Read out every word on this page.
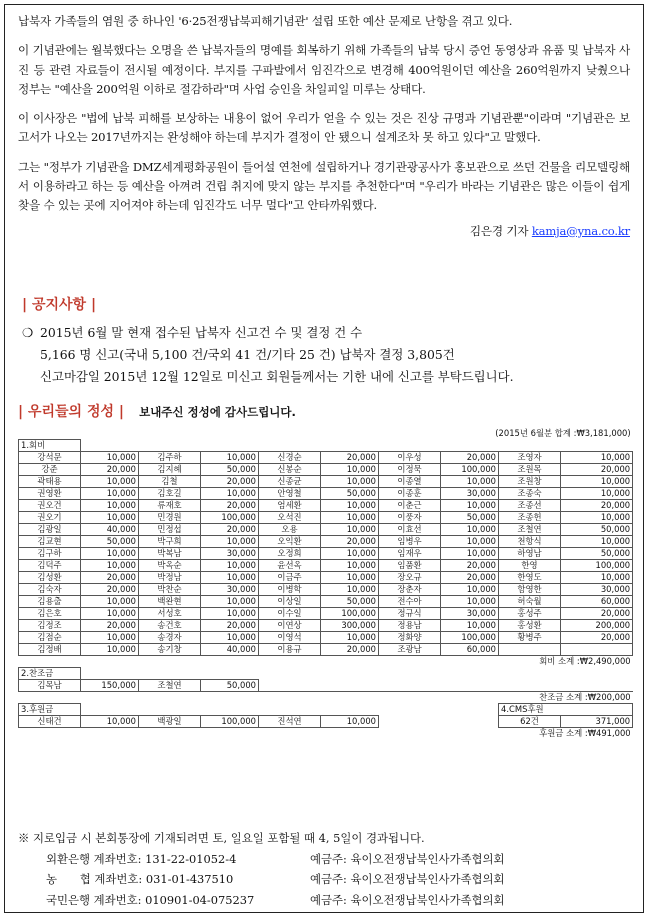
납북자 가족들의 염원 중 하나인 '6·25전쟁납북피해기념관' 설립 또한 예산 문제로 난항을 겪고 있다.

이 기념관에는 월북했다는 오명을 쓴 납북자들의 명예를 회복하기 위해 가족들의 납북 당시 증언 동영상과 유품 및 납북자 사진 등 관련 자료들이 전시될 예정이다. 부지를 구파발에서 임진각으로 변경해 400억원이던 예산을 260억원까지 낮췄으나 정부는 "예산을 200억원 이하로 절감하라"며 사업 승인을 차일피일 미루는 상태다.

이 이사장은 "법에 납북 피해를 보상하는 내용이 없어 우리가 얻을 수 있는 것은 진상 규명과 기념관뿐"이라며 "기념관은 보고서가 나오는 2017년까지는 완성해야 하는데 부지가 결정이 안 됐으니 설계조차 못 하고 있다"고 말했다.

그는 "정부가 기념관을 DMZ세계평화공원이 들어설 연천에 설립하거나 경기관광공사가 홍보관으로 쓰던 건물을 리모델링해서 이용하라고 하는 등 예산을 아껴려 건립 취지에 맞지 않는 부지를 추천한다"며 "우리가 바라는 기념관은 많은 이들이 쉽게 찾을 수 있는 곳에 지어져야 하는데 임진각도 너무 멀다"고 안타까워했다.

김은경 기자 kamja@yna.co.kr
| 공지사항 |
❍ 2015년 6월 말 현재 접수된 납북자 신고건 수 및 결정 건 수
5,166 명 신고(국내 5,100 건/국외 41 건/기타 25 건) 납북자 결정 3,805건
신고마감일 2015년 12월 12일로 미신고 회원들께서는 기한 내에 신고를 부탁드립니다.
| 우리들의 정성 | 보내주신 정성에 감사드립니다.
(2015년 6월분 합계 :₩3,181,000)									
1.회비									
강석문	10,000	김주하	10,000	신경순	20,000	이우성	20,000	조영자	10,000
강준	20,000	김지혜	50,000	신봉순	10,000	이정묵	100,000	조원목	20,000
곽태용	10,000	김철	20,000	신종균	10,000	이종열	10,000	조원창	10,000
권영환	10,000	김호길	10,000	안영철	50,000	이종훈	30,000	조종숙	10,000
권오건	10,000	류재호	20,000	엄세환	10,000	이춘근	10,000	조종선	20,000
권오기	10,000	민경원	100,000	오석진	10,000	이풍자	50,000	조종헌	10,000
김광일	40,000	민정섭	20,000	오용	10,000	이효선	10,000	조철연	50,000
김교현	50,000	박구희	10,000	오익환	20,000	임병우	10,000	천항식	10,000
김구하	10,000	박복남	30,000	오정희	10,000	임재우	10,000	하영남	50,000
김덕주	10,000	박옥순	10,000	윤선옥	10,000	임품환	20,000	한영	100,000
김성환	20,000	박정남	10,000	이금주	10,000	장오규	20,000	한영도	10,000
김숙자	20,000	박찬순	30,000	이병학	10,000	장춘자	10,000	함영한	30,000
김용출	10,000	백완현	10,000	이상일	50,000	전수아	10,000	허숙월	60,000
김은호	10,000	서성호	10,000	이수일	100,000	정규식	30,000	홍성주	20,000
김정조	20,000	송건호	20,000	이연상	300,000	정용남	10,000	홍성환	200,000
김점순	10,000	송경자	10,000	이영석	10,000	정화양	100,000	황병주	20,000
김정배	10,000	송기창	40,000	이용규	20,000	조광남	60,000		
회비 소계 :₩2,490,000									
2.찬조금									
김목남	150,000	조철연	50,000						
찬조금 소계 :₩200,000									
3.후원금								4.CMS후원	
신태건	10,000	백광일	100,000	진석연	10,000			62건	371,000
후원금 소계 :₩491,000									
※ 지로입금 시 본회통장에 기재되려면 토, 일요일 포함될 때 4, 5일이 경과됩니다.
외환은행 계좌번호: 131-22-01052-4	예금주: 육이오전쟁납북인사가족협의회
농　　협 계좌번호: 031-01-437510	예금주: 육이오전쟁납북인사가족협의회
국민은행 계좌번호: 010901-04-075237	예금주: 육이오전쟁납북인사가족협의회
